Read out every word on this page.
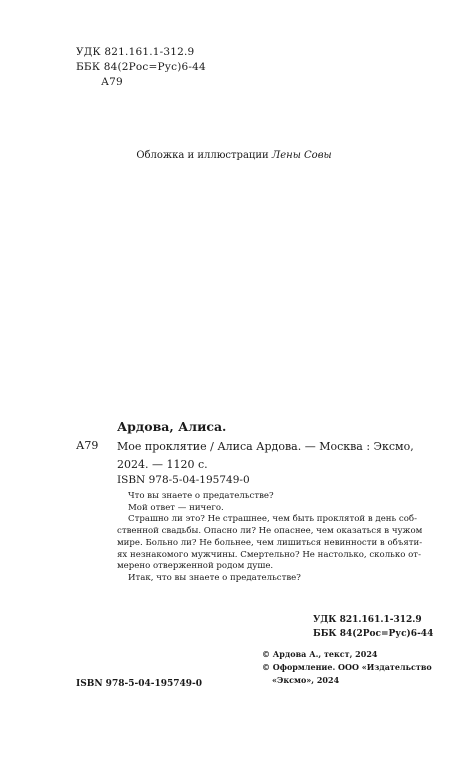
УДК 821.161.1-312.9
ББК 84(2Рос=Рус)6-44
А79
Обложка и иллюстрации Лены Совы
Ардова, Алиса.
А79 Мое проклятие / Алиса Ардова. — Москва : Эксмо, 2024. — 1120 с.
ISBN 978-5-04-195749-0

Что вы знаете о предательстве?

Мой ответ — ничего.

Страшно ли это? Не страшнее, чем быть проклятой в день соб-

ственной свадьбы. Опасно ли? Не опаснее, чем оказаться в чужом

мире. Больно ли? Не больнее, чем лишиться невинности в объяти-

ях незнакомого мужчины. Смертельно? Не настолько, сколько от-

мерено отверженной родом душе.

Итак, что вы знаете о предательстве?

УДК 821.161.1-312.9
ББК 84(2Рос=Рус)6-44
ISBN 978-5-04-195749-0
© Ардова А., текст, 2024
© Оформление. ООО «Издательство
«Эксмо», 2024
